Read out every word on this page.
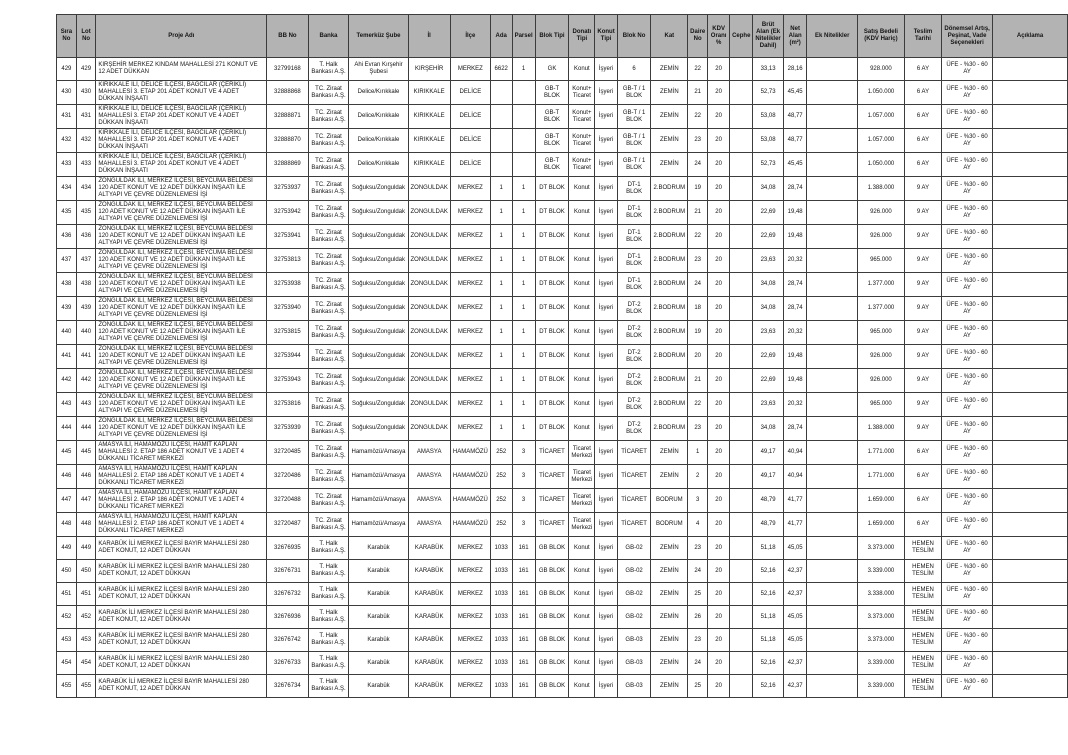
Sıra No	Lot No	Proje Adı	BB No	Banka	Temerküz Şube	İl	İlçe	Ada	Parsel	Blok Tipi	Donatı Tipi	Konut Tipi	Blok No	Kat	Daire No	KDV Oranı %	Cephe	Brüt Alan (Ek Nitelikler Dahil)	Net Alan (m²)	Ek Nitelikler	Satış Bedeli (KDV Hariç)	Teslim Tarihi	Dönemsel Artış, Peşinat, Vade Seçenekleri	Açıklama
429	429	KIRŞEHİR MERKEZ KINDAM MAHALLESİ 271 KONUT VE 12 ADET DÜKKAN	32799168	T. Halk Bankası A.Ş.	Ahi Evran Kırşehir Şubesi	KIRŞEHİR	MERKEZ	6622	1	GK	Konut	İşyeri	6	ZEMİN	22	20		33,13	28,16		928.000	6 AY	ÜFE - %30 - 60 AY	
430	430	KIRIKKALE İLİ, DELİCE İLÇESİ, BAĞCILAR (ÇERİKLİ) MAHALLESİ 3. ETAP 201 ADET KONUT VE 4 ADET DÜKKAN İNŞAATI	32888868	TC. Ziraat Bankası A.Ş.	Delice/Kırıkkale	KIRIKKALE	DELİCE			GB-T BLOK	Konut+ Ticaret	İşyeri	GB-T / 1 BLOK	ZEMİN	21	20		52,73	45,45		1.050.000	6 AY	ÜFE - %30 - 60 AY	
431	431	KIRIKKALE İLİ, DELİCE İLÇESİ, BAĞCILAR (ÇERİKLİ) MAHALLESİ 3. ETAP 201 ADET KONUT VE 4 ADET DÜKKAN İNŞAATI	32888871	TC. Ziraat Bankası A.Ş.	Delice/Kırıkkale	KIRIKKALE	DELİCE			GB-T BLOK	Konut+ Ticaret	İşyeri	GB-T / 1 BLOK	ZEMİN	22	20		53,08	48,77		1.057.000	6 AY	ÜFE - %30 - 60 AY	
432	432	KIRIKKALE İLİ, DELİCE İLÇESİ, BAĞCILAR (ÇERİKLİ) MAHALLESİ 3. ETAP 201 ADET KONUT VE 4 ADET DÜKKAN İNŞAATI	32888870	TC. Ziraat Bankası A.Ş.	Delice/Kırıkkale	KIRIKKALE	DELİCE			GB-T BLOK	Konut+ Ticaret	İşyeri	GB-T / 1 BLOK	ZEMİN	23	20		53,08	48,77		1.057.000	6 AY	ÜFE - %30 - 60 AY	
433	433	KIRIKKALE İLİ, DELİCE İLÇESİ, BAĞCILAR (ÇERİKLİ) MAHALLESİ 3. ETAP 201 ADET KONUT VE 4 ADET DÜKKAN İNŞAATI	32888869	TC. Ziraat Bankası A.Ş.	Delice/Kırıkkale	KIRIKKALE	DELİCE			GB-T BLOK	Konut+ Ticaret	İşyeri	GB-T / 1 BLOK	ZEMİN	24	20		52,73	45,45		1.050.000	6 AY	ÜFE - %30 - 60 AY	
434	434	ZONGULDAK İLİ, MERKEZ İLÇESİ, BEYCUMA BELDESİ 120 ADET KONUT VE 12 ADET DÜKKAN İNŞAATI İLE ALTYAPI VE ÇEVRE DÜZENLEMESİ İŞİ	32753937	TC. Ziraat Bankası A.Ş.	Soğuksu/Zonguldak	ZONGULDAK	MERKEZ	1	1	DT BLOK	Konut	İşyeri	DT-1 BLOK	2.BODRUM	19	20		34,08	28,74		1.388.000	9 AY	ÜFE - %30 - 60 AY	
435	435	ZONGULDAK İLİ, MERKEZ İLÇESİ, BEYCUMA BELDESİ 120 ADET KONUT VE 12 ADET DÜKKAN İNŞAATI İLE ALTYAPI VE ÇEVRE DÜZENLEMESİ İŞİ	32753942	TC. Ziraat Bankası A.Ş.	Soğuksu/Zonguldak	ZONGULDAK	MERKEZ	1	1	DT BLOK	Konut	İşyeri	DT-1 BLOK	2.BODRUM	21	20		22,69	19,48		926.000	9 AY	ÜFE - %30 - 60 AY	
436	436	ZONGULDAK İLİ, MERKEZ İLÇESİ, BEYCUMA BELDESİ 120 ADET KONUT VE 12 ADET DÜKKAN İNŞAATI İLE ALTYAPI VE ÇEVRE DÜZENLEMESİ İŞİ	32753941	TC. Ziraat Bankası A.Ş.	Soğuksu/Zonguldak	ZONGULDAK	MERKEZ	1	1	DT BLOK	Konut	İşyeri	DT-1 BLOK	2.BODRUM	22	20		22,69	19,48		926.000	9 AY	ÜFE - %30 - 60 AY	
437	437	ZONGULDAK İLİ, MERKEZ İLÇESİ, BEYCUMA BELDESİ 120 ADET KONUT VE 12 ADET DÜKKAN İNŞAATI İLE ALTYAPI VE ÇEVRE DÜZENLEMESİ İŞİ	32753813	TC. Ziraat Bankası A.Ş.	Soğuksu/Zonguldak	ZONGULDAK	MERKEZ	1	1	DT BLOK	Konut	İşyeri	DT-1 BLOK	2.BODRUM	23	20		23,63	20,32		965.000	9 AY	ÜFE - %30 - 60 AY	
438	438	ZONGULDAK İLİ, MERKEZ İLÇESİ, BEYCUMA BELDESİ 120 ADET KONUT VE 12 ADET DÜKKAN İNŞAATI İLE ALTYAPI VE ÇEVRE DÜZENLEMESİ İŞİ	32753938	TC. Ziraat Bankası A.Ş.	Soğuksu/Zonguldak	ZONGULDAK	MERKEZ	1	1	DT BLOK	Konut	İşyeri	DT-1 BLOK	2.BODRUM	24	20		34,08	28,74		1.377.000	9 AY	ÜFE - %30 - 60 AY	
439	439	ZONGULDAK İLİ, MERKEZ İLÇESİ, BEYCUMA BELDESİ 120 ADET KONUT VE 12 ADET DÜKKAN İNŞAATI İLE ALTYAPI VE ÇEVRE DÜZENLEMESİ İŞİ	32753940	TC. Ziraat Bankası A.Ş.	Soğuksu/Zonguldak	ZONGULDAK	MERKEZ	1	1	DT BLOK	Konut	İşyeri	DT-2 BLOK	2.BODRUM	18	20		34,08	28,74		1.377.000	9 AY	ÜFE - %30 - 60 AY	
440	440	ZONGULDAK İLİ, MERKEZ İLÇESİ, BEYCUMA BELDESİ 120 ADET KONUT VE 12 ADET DÜKKAN İNŞAATI İLE ALTYAPI VE ÇEVRE DÜZENLEMESİ İŞİ	32753815	TC. Ziraat Bankası A.Ş.	Soğuksu/Zonguldak	ZONGULDAK	MERKEZ	1	1	DT BLOK	Konut	İşyeri	DT-2 BLOK	2.BODRUM	19	20		23,63	20,32		965.000	9 AY	ÜFE - %30 - 60 AY	
441	441	ZONGULDAK İLİ, MERKEZ İLÇESİ, BEYCUMA BELDESİ 120 ADET KONUT VE 12 ADET DÜKKAN İNŞAATI İLE ALTYAPI VE ÇEVRE DÜZENLEMESİ İŞİ	32753944	TC. Ziraat Bankası A.Ş.	Soğuksu/Zonguldak	ZONGULDAK	MERKEZ	1	1	DT BLOK	Konut	İşyeri	DT-2 BLOK	2.BODRUM	20	20		22,69	19,48		926.000	9 AY	ÜFE - %30 - 60 AY	
442	442	ZONGULDAK İLİ, MERKEZ İLÇESİ, BEYCUMA BELDESİ 120 ADET KONUT VE 12 ADET DÜKKAN İNŞAATI İLE ALTYAPI VE ÇEVRE DÜZENLEMESİ İŞİ	32753943	TC. Ziraat Bankası A.Ş.	Soğuksu/Zonguldak	ZONGULDAK	MERKEZ	1	1	DT BLOK	Konut	İşyeri	DT-2 BLOK	2.BODRUM	21	20		22,69	19,48		926.000	9 AY	ÜFE - %30 - 60 AY	
443	443	ZONGULDAK İLİ, MERKEZ İLÇESİ, BEYCUMA BELDESİ 120 ADET KONUT VE 12 ADET DÜKKAN İNŞAATI İLE ALTYAPI VE ÇEVRE DÜZENLEMESİ İŞİ	32753816	TC. Ziraat Bankası A.Ş.	Soğuksu/Zonguldak	ZONGULDAK	MERKEZ	1	1	DT BLOK	Konut	İşyeri	DT-2 BLOK	2.BODRUM	22	20		23,63	20,32		965.000	9 AY	ÜFE - %30 - 60 AY	
444	444	ZONGULDAK İLİ, MERKEZ İLÇESİ, BEYCUMA BELDESİ 120 ADET KONUT VE 12 ADET DÜKKAN İNŞAATI İLE ALTYAPI VE ÇEVRE DÜZENLEMESİ İŞİ	32753939	TC. Ziraat Bankası A.Ş.	Soğuksu/Zonguldak	ZONGULDAK	MERKEZ	1	1	DT BLOK	Konut	İşyeri	DT-2 BLOK	2.BODRUM	23	20		34,08	28,74		1.388.000	9 AY	ÜFE - %30 - 60 AY	
445	445	AMASYA İLİ, HAMAMÖZÜ İLÇESİ, HAMİT KAPLAN MAHALLESİ 2. ETAP 186 ADET KONUT VE 1 ADET 4 DÜKKANLI TİCARET MERKEZİ	32720485	TC. Ziraat Bankası A.Ş.	Hamamözü/Amasya	AMASYA	HAMAMÖZÜ	252	3	TİCARET	Ticaret Merkezi	İşyeri	TİCARET	ZEMİN	1	20		49,17	40,94		1.771.000	6 AY	ÜFE - %30 - 60 AY	
446	446	AMASYA İLİ, HAMAMÖZÜ İLÇESİ, HAMİT KAPLAN MAHALLESİ 2. ETAP 186 ADET KONUT VE 1 ADET 4 DÜKKANLI TİCARET MERKEZİ	32720486	TC. Ziraat Bankası A.Ş.	Hamamözü/Amasya	AMASYA	HAMAMÖZÜ	252	3	TİCARET	Ticaret Merkezi	İşyeri	TİCARET	ZEMİN	2	20		49,17	40,94		1.771.000	6 AY	ÜFE - %30 - 60 AY	
447	447	AMASYA İLİ, HAMAMÖZÜ İLÇESİ, HAMİT KAPLAN MAHALLESİ 2. ETAP 186 ADET KONUT VE 1 ADET 4 DÜKKANLI TİCARET MERKEZİ	32720488	TC. Ziraat Bankası A.Ş.	Hamamözü/Amasya	AMASYA	HAMAMÖZÜ	252	3	TİCARET	Ticaret Merkezi	İşyeri	TİCARET	BODRUM	3	20		48,79	41,77		1.659.000	6 AY	ÜFE - %30 - 60 AY	
448	448	AMASYA İLİ, HAMAMÖZÜ İLÇESİ, HAMİT KAPLAN MAHALLESİ 2. ETAP 186 ADET KONUT VE 1 ADET 4 DÜKKANLI TİCARET MERKEZİ	32720487	TC. Ziraat Bankası A.Ş.	Hamamözü/Amasya	AMASYA	HAMAMÖZÜ	252	3	TİCARET	Ticaret Merkezi	İşyeri	TİCARET	BODRUM	4	20		48,79	41,77		1.659.000	6 AY	ÜFE - %30 - 60 AY	
449	449	KARABÜK İLİ MERKEZ İLÇESİ BAYIR MAHALLESİ 280 ADET KONUT, 12 ADET DÜKKAN	32676935	T. Halk Bankası A.Ş.	Karabük	KARABÜK	MERKEZ	1033	161	GB BLOK	Konut	İşyeri	GB-02	ZEMİN	23	20		51,18	45,05		3.373.000	HEMEN TESLİM	ÜFE - %30 - 60 AY	
450	450	KARABÜK İLİ MERKEZ İLÇESİ BAYIR MAHALLESİ 280 ADET KONUT, 12 ADET DÜKKAN	32676731	T. Halk Bankası A.Ş.	Karabük	KARABÜK	MERKEZ	1033	161	GB BLOK	Konut	İşyeri	GB-02	ZEMİN	24	20		52,16	42,37		3.339.000	HEMEN TESLİM	ÜFE - %30 - 60 AY	
451	451	KARABÜK İLİ MERKEZ İLÇESİ BAYIR MAHALLESİ 280 ADET KONUT, 12 ADET DÜKKAN	32676732	T. Halk Bankası A.Ş.	Karabük	KARABÜK	MERKEZ	1033	161	GB BLOK	Konut	İşyeri	GB-02	ZEMİN	25	20		52,16	42,37		3.338.000	HEMEN TESLİM	ÜFE - %30 - 60 AY	
452	452	KARABÜK İLİ MERKEZ İLÇESİ BAYIR MAHALLESİ 280 ADET KONUT, 12 ADET DÜKKAN	32676936	T. Halk Bankası A.Ş.	Karabük	KARABÜK	MERKEZ	1033	161	GB BLOK	Konut	İşyeri	GB-02	ZEMİN	26	20		51,18	45,05		3.373.000	HEMEN TESLİM	ÜFE - %30 - 60 AY	
453	453	KARABÜK İLİ MERKEZ İLÇESİ BAYIR MAHALLESİ 280 ADET KONUT, 12 ADET DÜKKAN	32676742	T. Halk Bankası A.Ş.	Karabük	KARABÜK	MERKEZ	1033	161	GB BLOK	Konut	İşyeri	GB-03	ZEMİN	23	20		51,18	45,05		3.373.000	HEMEN TESLİM	ÜFE - %30 - 60 AY	
454	454	KARABÜK İLİ MERKEZ İLÇESİ BAYIR MAHALLESİ 280 ADET KONUT, 12 ADET DÜKKAN	32676733	T. Halk Bankası A.Ş.	Karabük	KARABÜK	MERKEZ	1033	161	GB BLOK	Konut	İşyeri	GB-03	ZEMİN	24	20		52,16	42,37		3.339.000	HEMEN TESLİM	ÜFE - %30 - 60 AY	
455	455	KARABÜK İLİ MERKEZ İLÇESİ BAYIR MAHALLESİ 280 ADET KONUT, 12 ADET DÜKKAN	32676734	T. Halk Bankası A.Ş.	Karabük	KARABÜK	MERKEZ	1033	161	GB BLOK	Konut	İşyeri	GB-03	ZEMİN	25	20		52,16	42,37		3.339.000	HEMEN TESLİM	ÜFE - %30 - 60 AY	
